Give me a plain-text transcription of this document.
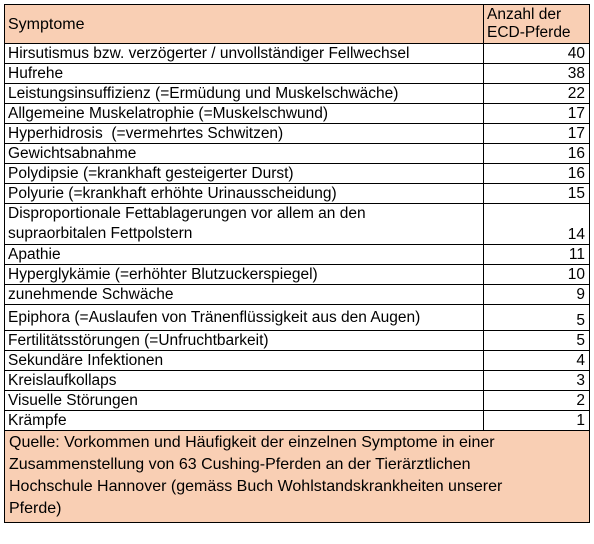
Symptome	Anzahl der
ECD-Pferde
Hirsutismus bzw. verzögerter / unvollständiger Fellwechsel	40
Hufrehe	38
Leistungsinsuffizienz (=Ermüdung und Muskelschwäche)	22
Allgemeine Muskelatrophie (=Muskelschwund)	17
Hyperhidrosis  (=vermehrtes Schwitzen)	17
Gewichtsabnahme	16
Polydipsie (=krankhaft gesteigerter Durst)	16
Polyurie (=krankhaft erhöhte Urinausscheidung)	15
Disproportionale Fettablagerungen vor allem an den
supraorbitalen Fettpolstern	14
Apathie	11
Hyperglykämie (=erhöhter Blutzuckerspiegel)	10
zunehmende Schwäche	9
Epiphora (=Auslaufen von Tränenflüssigkeit aus den Augen)	5
Fertilitätsstörungen (=Unfruchtbarkeit)	5
Sekundäre Infektionen	4
Kreislaufkollaps	3
Visuelle Störungen	2
Krämpfe	1
Quelle: Vorkommen und Häufigkeit der einzelnen Symptome in einer
Zusammenstellung von 63 Cushing-Pferden an der Tierärztlichen
Hochschule Hannover (gemäss Buch Wohlstandskrankheiten unserer
Pferde)	
